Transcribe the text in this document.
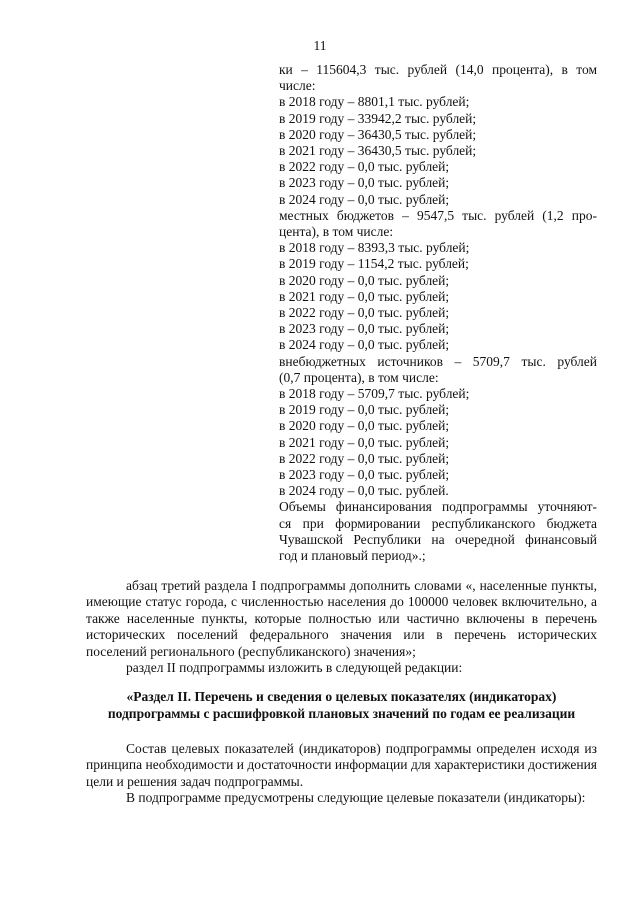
11
ки – 115604,3 тыс. рублей (14,0 процента), в том
числе:
в 2018 году – 8801,1 тыс. рублей;
в 2019 году – 33942,2 тыс. рублей;
в 2020 году – 36430,5 тыс. рублей;
в 2021 году – 36430,5 тыс. рублей;
в 2022 году – 0,0 тыс. рублей;
в 2023 году – 0,0 тыс. рублей;
в 2024 году – 0,0 тыс. рублей;
местных бюджетов – 9547,5 тыс. рублей (1,2 про-
цента), в том числе:
в 2018 году – 8393,3 тыс. рублей;
в 2019 году – 1154,2 тыс. рублей;
в 2020 году – 0,0 тыс. рублей;
в 2021 году – 0,0 тыс. рублей;
в 2022 году – 0,0 тыс. рублей;
в 2023 году – 0,0 тыс. рублей;
в 2024 году – 0,0 тыс. рублей;
внебюджетных источников – 5709,7 тыс. рублей
(0,7 процента), в том числе:
в 2018 году – 5709,7 тыс. рублей;
в 2019 году – 0,0 тыс. рублей;
в 2020 году – 0,0 тыс. рублей;
в 2021 году – 0,0 тыс. рублей;
в 2022 году – 0,0 тыс. рублей;
в 2023 году – 0,0 тыс. рублей;
в 2024 году – 0,0 тыс. рублей.
Объемы финансирования подпрограммы уточняют-
ся при формировании республиканского бюджета
Чувашской Республики на очередной финансовый
год и плановый период».;

абзац третий раздела I подпрограммы дополнить словами «, населенные пункты, имеющие статус города, с численностью населения до 100000 человек включительно, а также населенные пункты, которые полностью или частично включены в перечень исторических поселений федерального значения или в перечень исторических поселений регионального (республиканского) значения»;

раздел II подпрограммы изложить в следующей редакции:

«Раздел II. Перечень и сведения о целевых показателях (индикаторах)
подпрограммы с расшифровкой плановых значений по годам ее реализации

Состав целевых показателей (индикаторов) подпрограммы определен исходя из принципа необходимости и достаточности информации для характеристики достижения цели и решения задач подпрограммы.

В подпрограмме предусмотрены следующие целевые показатели (индикаторы):
